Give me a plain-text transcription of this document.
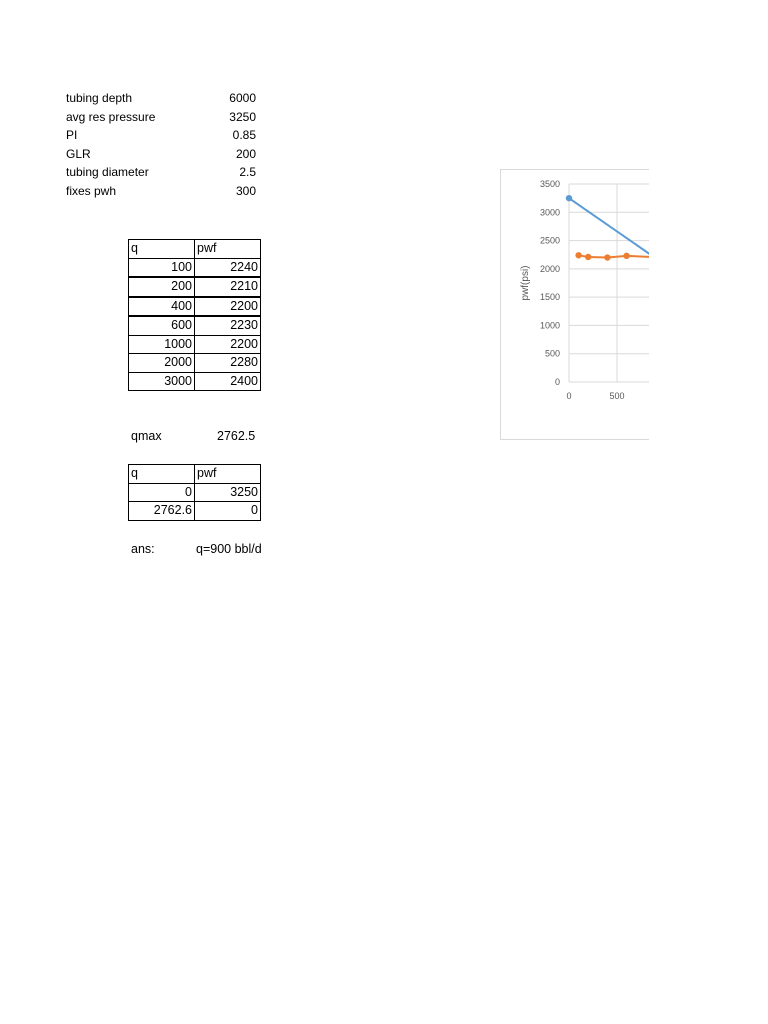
tubing depth	6000
avg res pressure	3250
PI	0.85
GLR	200
tubing diameter	2.5
fixes pwh	300
q	pwf
100	2240
200	2210
400	2200
600	2230
1000	2200
2000	2280
3000	2400
qmax	2762.5
q	pwf
0	3250
2762.6	0
ans:	q=900 bbl/d
0
500
1000
1500
2000
2500
3000
3500
0	500
pwf(psi)
